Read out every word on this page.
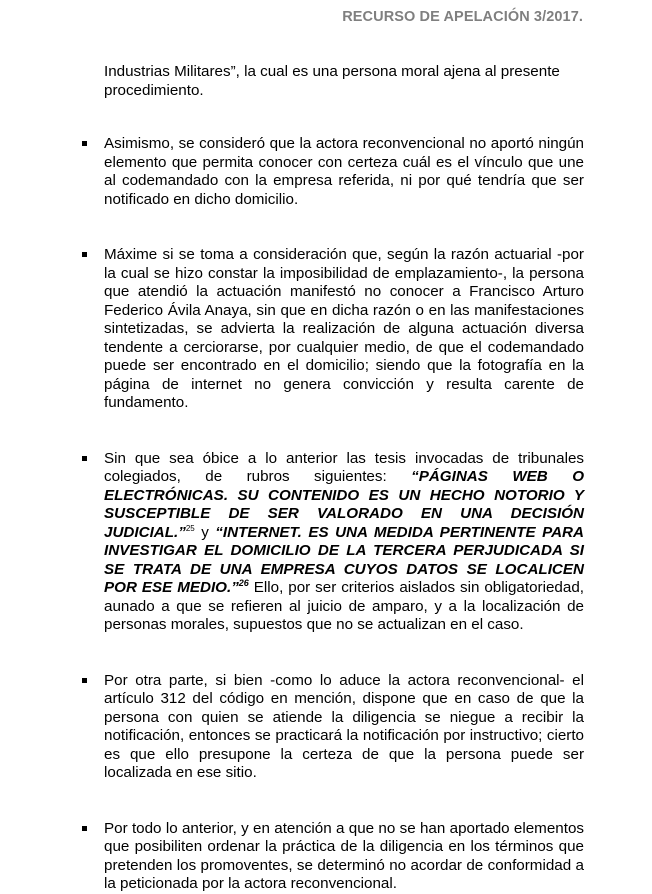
RECURSO DE APELACIÓN 3/2017.

Industrias Militares”, la cual es una persona moral ajena al presente procedimiento.

Asimismo, se consideró que la actora reconvencional no aportó ningún elemento que permita conocer con certeza cuál es el vínculo que une al codemandado con la empresa referida, ni por qué tendría que ser notificado en dicho domicilio.
Máxime si se toma a consideración que, según la razón actuarial -por la cual se hizo constar la imposibilidad de emplazamiento-, la persona que atendió la actuación manifestó no conocer a Francisco Arturo Federico Ávila Anaya, sin que en dicha razón o en las manifestaciones sintetizadas, se advierta la realización de alguna actuación diversa tendente a cerciorarse, por cualquier medio, de que el codemandado puede ser encontrado en el domicilio; siendo que la fotografía en la página de internet no genera convicción y resulta carente de fundamento.
Sin que sea óbice a lo anterior las tesis invocadas de tribunales colegiados, de rubros siguientes: “PÁGINAS WEB O ELECTRÓNICAS. SU CONTENIDO ES UN HECHO NOTORIO Y SUSCEPTIBLE DE SER VALORADO EN UNA DECISIÓN JUDICIAL.”$^{25}$ y “INTERNET. ES UNA MEDIDA PERTINENTE PARA INVESTIGAR EL DOMICILIO DE LA TERCERA PERJUDICADA SI SE TRATA DE UNA EMPRESA CUYOS DATOS SE LOCALICEN POR ESE MEDIO.”$^{26}$ Ello, por ser criterios aislados sin obligatoriedad, aunado a que se refieren al juicio de amparo, y a la localización de personas morales, supuestos que no se actualizan en el caso.
Por otra parte, si bien -como lo aduce la actora reconvencional- el artículo 312 del código en mención, dispone que en caso de que la persona con quien se atiende la diligencia se niegue a recibir la notificación, entonces se practicará la notificación por instructivo; cierto es que ello presupone la certeza de que la persona puede ser localizada en ese sitio.
Por todo lo anterior, y en atención a que no se han aportado elementos que posibiliten ordenar la práctica de la diligencia en los términos que pretenden los promoventes, se determinó no acordar de conformidad a la peticionada por la actora reconvencional.
